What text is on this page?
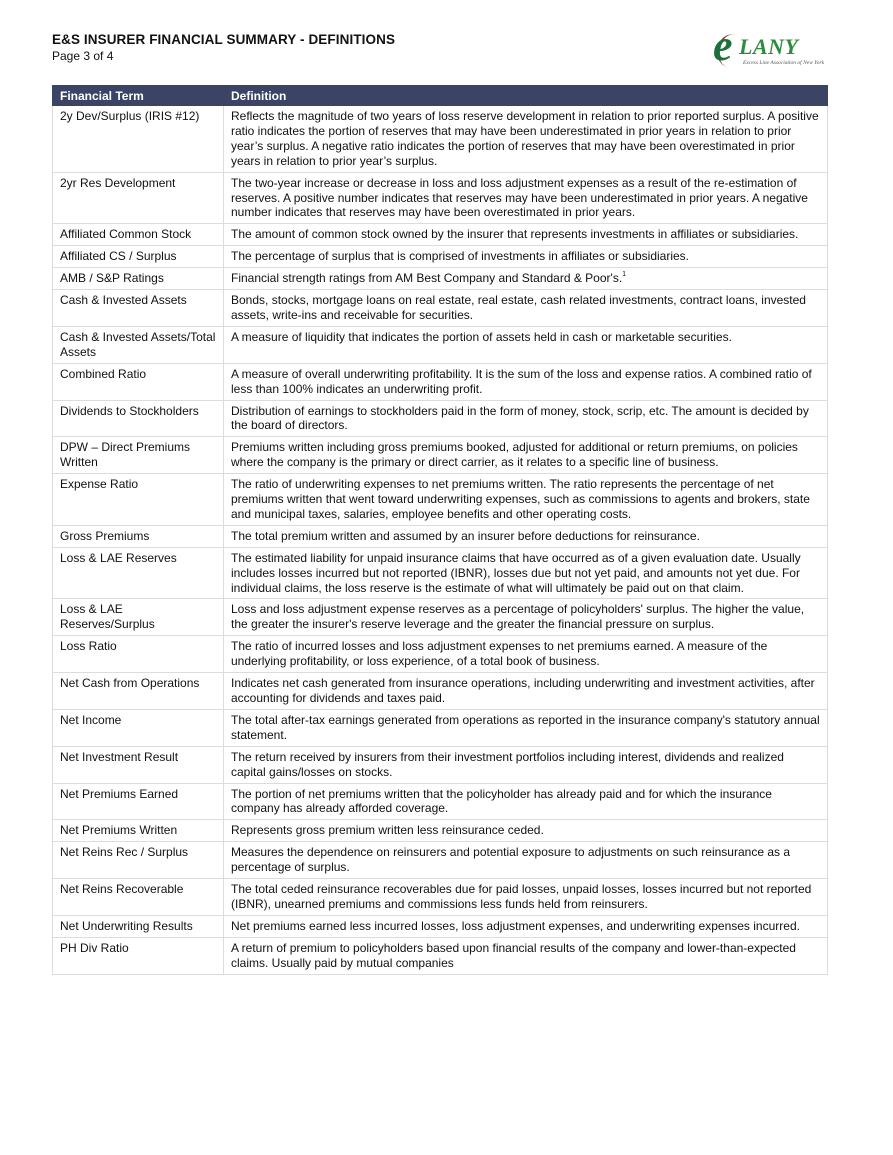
E&S INSURER FINANCIAL SUMMARY - DEFINITIONS
Page 3 of 4	e LANY
Excess Line Association of New York
Financial Term	Definition
2y Dev/Surplus (IRIS #12)	Reflects the magnitude of two years of loss reserve development in relation to prior reported surplus. A positive ratio indicates the portion of reserves that may have been underestimated in prior years in relation to prior year’s surplus. A negative ratio indicates the portion of reserves that may have been overestimated in prior years in relation to prior year’s surplus.
2yr Res Development	The two-year increase or decrease in loss and loss adjustment expenses as a result of the re-estimation of reserves. A positive number indicates that reserves may have been underestimated in prior years. A negative number indicates that reserves may have been overestimated in prior years.
Affiliated Common Stock	The amount of common stock owned by the insurer that represents investments in affiliates or subsidiaries.
Affiliated CS / Surplus	The percentage of surplus that is comprised of investments in affiliates or subsidiaries.
AMB / S&P Ratings	Financial strength ratings from AM Best Company and Standard & Poor's.$^1$
Cash & Invested Assets	Bonds, stocks, mortgage loans on real estate, real estate, cash related investments, contract loans, invested assets, write-ins and receivable for securities.
Cash & Invested Assets/Total Assets	A measure of liquidity that indicates the portion of assets held in cash or marketable securities.
Combined Ratio	A measure of overall underwriting profitability. It is the sum of the loss and expense ratios. A combined ratio of less than 100% indicates an underwriting profit.
Dividends to Stockholders	Distribution of earnings to stockholders paid in the form of money, stock, scrip, etc. The amount is decided by the board of directors.
DPW – Direct Premiums Written	Premiums written including gross premiums booked, adjusted for additional or return premiums, on policies where the company is the primary or direct carrier, as it relates to a specific line of business.
Expense Ratio	The ratio of underwriting expenses to net premiums written. The ratio represents the percentage of net premiums written that went toward underwriting expenses, such as commissions to agents and brokers, state and municipal taxes, salaries, employee benefits and other operating costs.
Gross Premiums	The total premium written and assumed by an insurer before deductions for reinsurance.
Loss & LAE Reserves	The estimated liability for unpaid insurance claims that have occurred as of a given evaluation date. Usually includes losses incurred but not reported (IBNR), losses due but not yet paid, and amounts not yet due. For individual claims, the loss reserve is the estimate of what will ultimately be paid out on that claim.
Loss & LAE Reserves/Surplus	Loss and loss adjustment expense reserves as a percentage of policyholders' surplus. The higher the value, the greater the insurer's reserve leverage and the greater the financial pressure on surplus.
Loss Ratio	The ratio of incurred losses and loss adjustment expenses to net premiums earned. A measure of the underlying profitability, or loss experience, of a total book of business.
Net Cash from Operations	Indicates net cash generated from insurance operations, including underwriting and investment activities, after accounting for dividends and taxes paid.
Net Income	The total after-tax earnings generated from operations as reported in the insurance company's statutory annual statement.
Net Investment Result	The return received by insurers from their investment portfolios including interest, dividends and realized capital gains/losses on stocks.
Net Premiums Earned	The portion of net premiums written that the policyholder has already paid and for which the insurance company has already afforded coverage.
Net Premiums Written	Represents gross premium written less reinsurance ceded.
Net Reins Rec / Surplus	Measures the dependence on reinsurers and potential exposure to adjustments on such reinsurance as a percentage of surplus.
Net Reins Recoverable	The total ceded reinsurance recoverables due for paid losses, unpaid losses, losses incurred but not reported (IBNR), unearned premiums and commissions less funds held from reinsurers.
Net Underwriting Results	Net premiums earned less incurred losses, loss adjustment expenses, and underwriting expenses incurred.
PH Div Ratio	A return of premium to policyholders based upon financial results of the company and lower-than-expected claims. Usually paid by mutual companies
